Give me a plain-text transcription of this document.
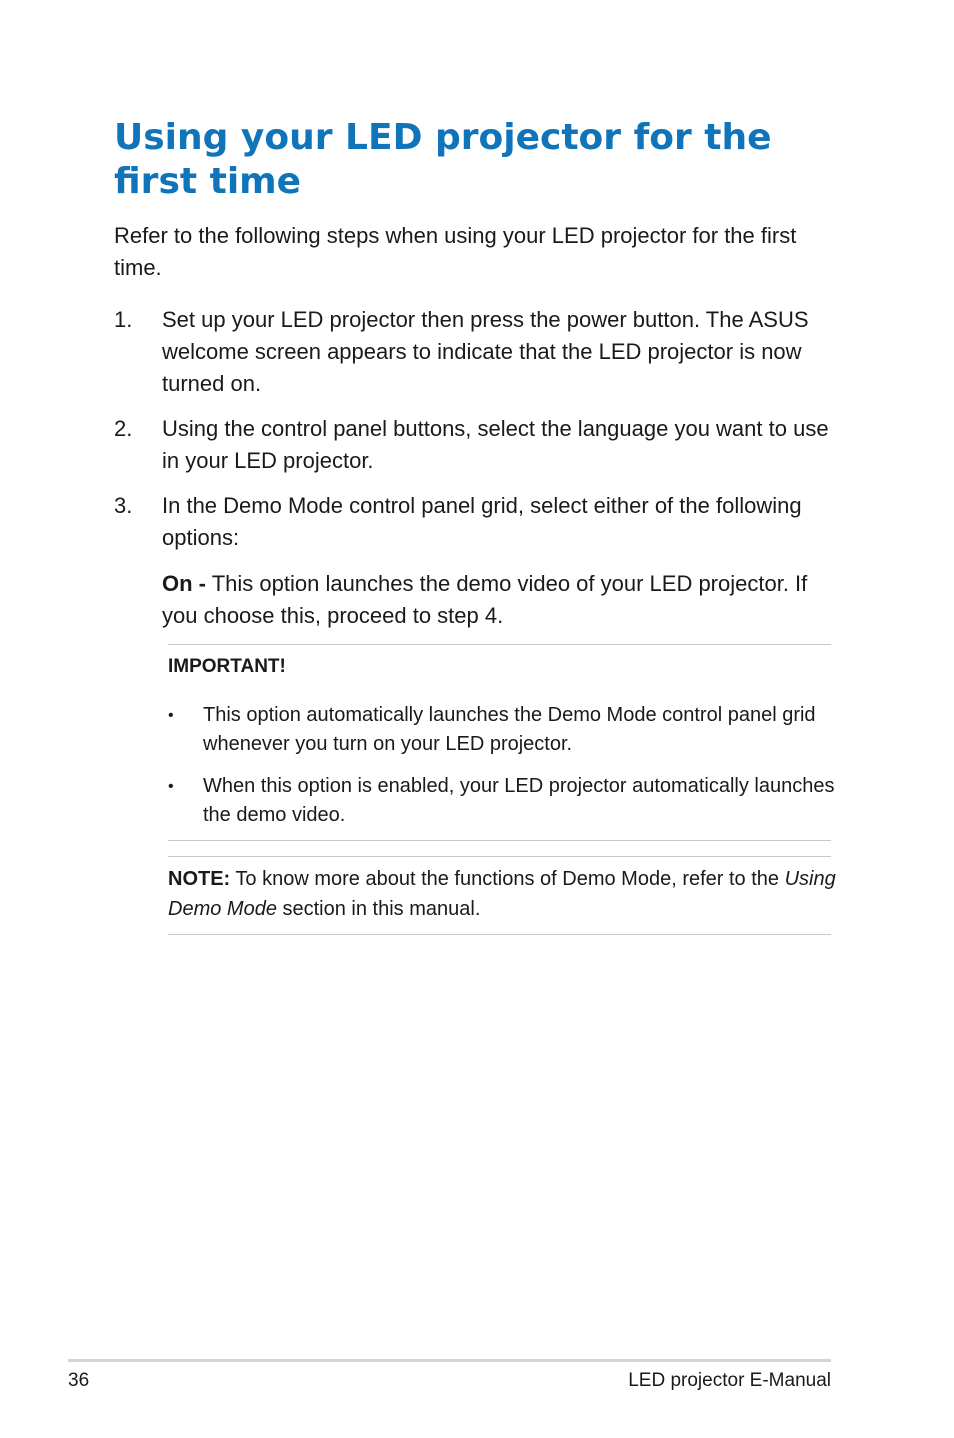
Using your LED projector for the first time

Refer to the following steps when using your LED projector for the first time.

1. Set up your LED projector then press the power button. The ASUS welcome screen appears to indicate that the LED projector is now turned on.
2. Using the control panel buttons, select the language you want to use in your LED projector.
3. In the Demo Mode control panel grid, select either of the following options:

On - This option launches the demo video of your LED projector. If you choose this, proceed to step 4.

IMPORTANT!

• This option automatically launches the Demo Mode control panel grid whenever you turn on your LED projector.
• When this option is enabled, your LED projector automatically launches the demo video.

NOTE: To know more about the functions of Demo Mode, refer to the Using Demo Mode section in this manual.

36	LED projector E-Manual
